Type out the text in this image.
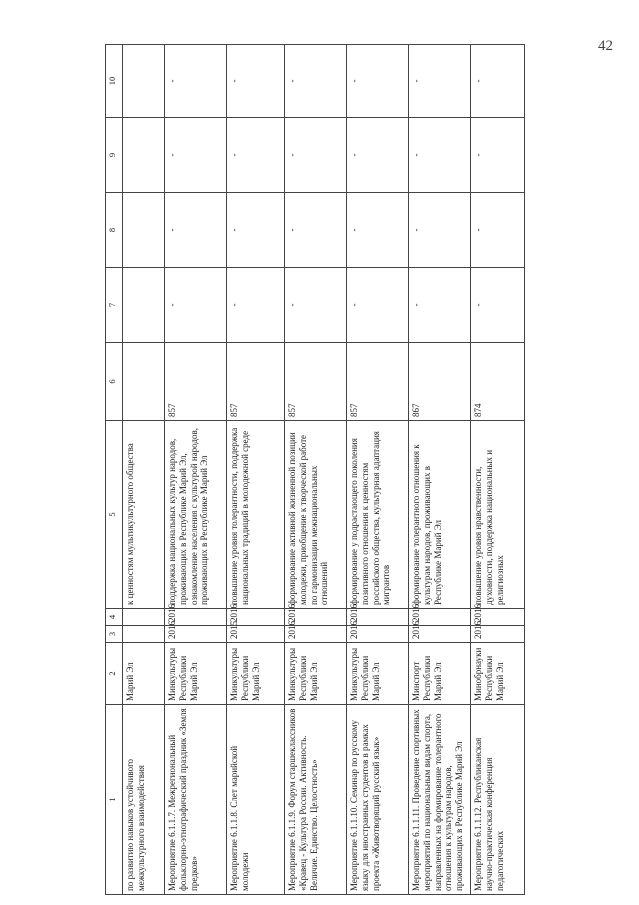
42
1	2	3	4	5	6	7	8	9	10
по развитию навыков устойчивого межкультурного взаимодействия	Марий Эл			к ценностям мультикультурного общества					
Мероприятие 6.1.1.7. Межрегиональный фольклорно-этнографический праздник «Земля предков»	Минкультуры Республики Марий Эл	2016	2016	поддержка национальных культур народов, проживающих в Республике Марий Эл, ознакомление населения с культурой народов, проживающих в Республике Марий Эл	857	-	-	-	-
Мероприятие 6.1.1.8. Слет марийской молодежи	Минкультуры Республики Марий Эл	2015	2016	повышение уровня толерантности, поддержка национальных традиций в молодежной среде	857	-	-	-	-
Мероприятие 6.1.1.9. Форум старшеклассников «Кравец - Культура России. Активность. Величие. Единство. Целостность»	Минкультуры Республики Марий Эл	2016	2016	формирование активной жизненной позиции молодежи, приобщение к творческой работе по гармонизации межнациональных отношений	857	-	-	-	-
Мероприятие 6.1.1.10. Семинар по русскому языку для иностранных студентов в рамках проекта «Животворящий русский язык»	Минкультуры Республики Марий Эл	2016	2016	формирование у подрастающего поколения позитивного отношения к ценностям российского общества, культурная адаптация мигрантов	857	-	-	-	-
Мероприятие 6.1.1.11. Проведение спортивных мероприятий по национальным видам спорта, направленных на формирование толерантного отношения к культурам народов, проживающих в Республике Марий Эл	Минспорт Республики Марий Эл	2016	2016	формирование толерантного отношения к культурам народов, проживающих в Республике Марий Эл	867	-	-	-	-
Мероприятие 6.1.1.12. Республиканская научно-практическая конференция педагогических	Минобрнауки Республики Марий Эл	2016	2016	повышение уровня нравственности, духовности, поддержка национальных и религиозных	874	-	-	-	-
